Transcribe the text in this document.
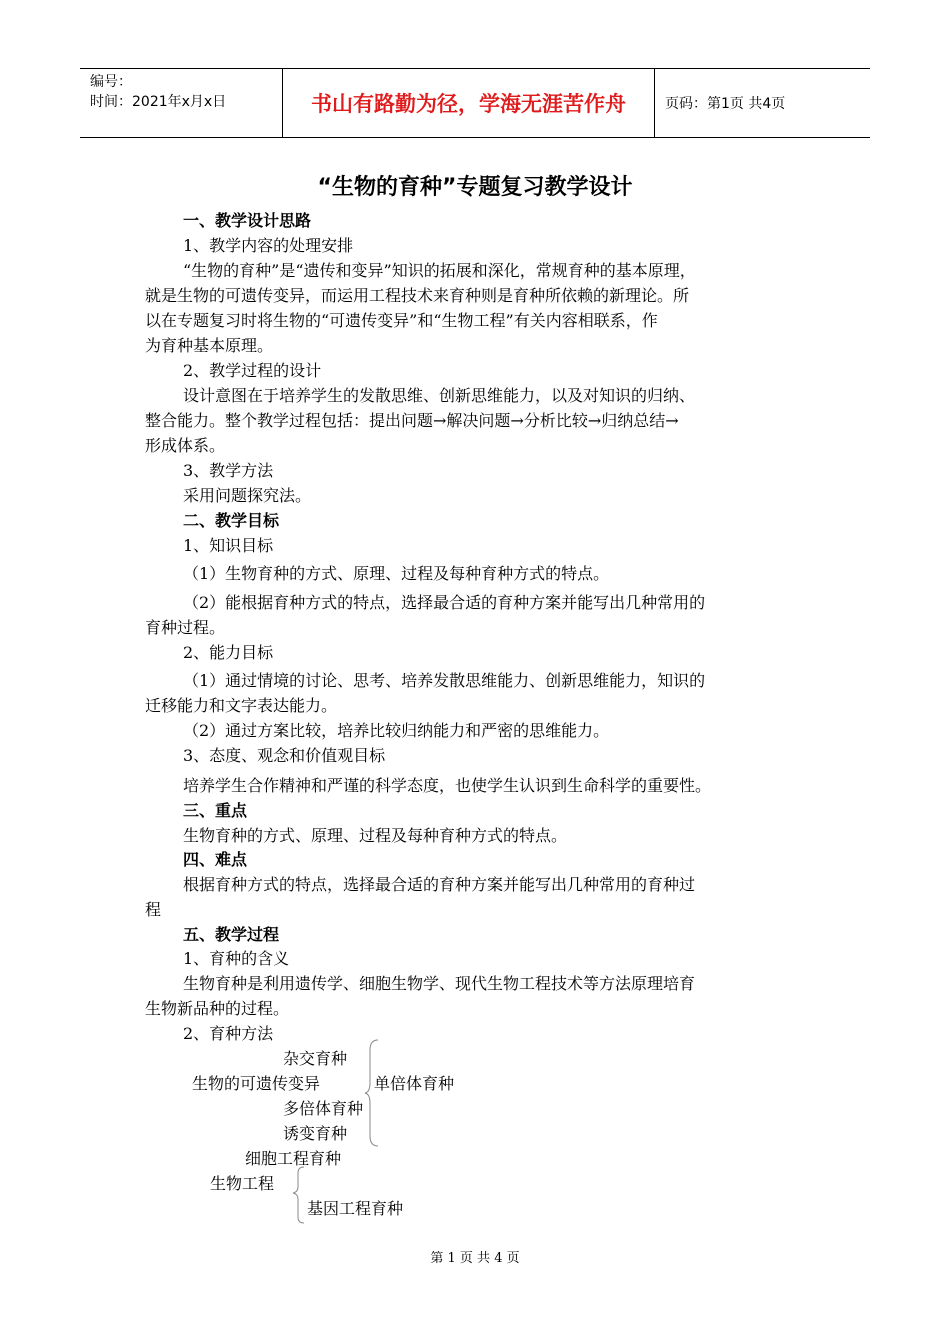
编号：
时间：2021年x月x日	书山有路勤为径，学海无涯苦作舟	页码：第1页 共4页
“生物的育种”专题复习教学设计
一、教学设计思路
1、教学内容的处理安排
“生物的育种”是“遗传和变异”知识的拓展和深化，常规育种的基本原理，
就是生物的可遗传变异，而运用工程技术来育种则是育种所依赖的新理论。所
以在专题复习时将生物的“可遗传变异”和“生物工程”有关内容相联系，作
为育种基本原理。
2、教学过程的设计
设计意图在于培养学生的发散思维、创新思维能力，以及对知识的归纳、
整合能力。整个教学过程包括：提出问题→解决问题→分析比较→归纳总结→
形成体系。
3、教学方法
采用问题探究法。
二、教学目标
1、知识目标
（1）生物育种的方式、原理、过程及每种育种方式的特点。
（2）能根据育种方式的特点，选择最合适的育种方案并能写出几种常用的
育种过程。
2、能力目标
（1）通过情境的讨论、思考、培养发散思维能力、创新思维能力，知识的
迁移能力和文字表达能力。
（2）通过方案比较，培养比较归纳能力和严密的思维能力。
3、态度、观念和价值观目标
培养学生合作精神和严谨的科学态度，也使学生认识到生命科学的重要性。
三、重点
生物育种的方式、原理、过程及每种育种方式的特点。
四、难点
根据育种方式的特点，选择最合适的育种方案并能写出几种常用的育种过
程
五、教学过程
1、育种的含义
生物育种是利用遗传学、细胞生物学、现代生物工程技术等方法原理培育
生物新品种的过程。
2、育种方法
杂交育种
生物的可遗传变异	单倍体育种
多倍体育种
诱变育种
细胞工程育种
生物工程
基因工程育种
第 1 页 共 4 页
